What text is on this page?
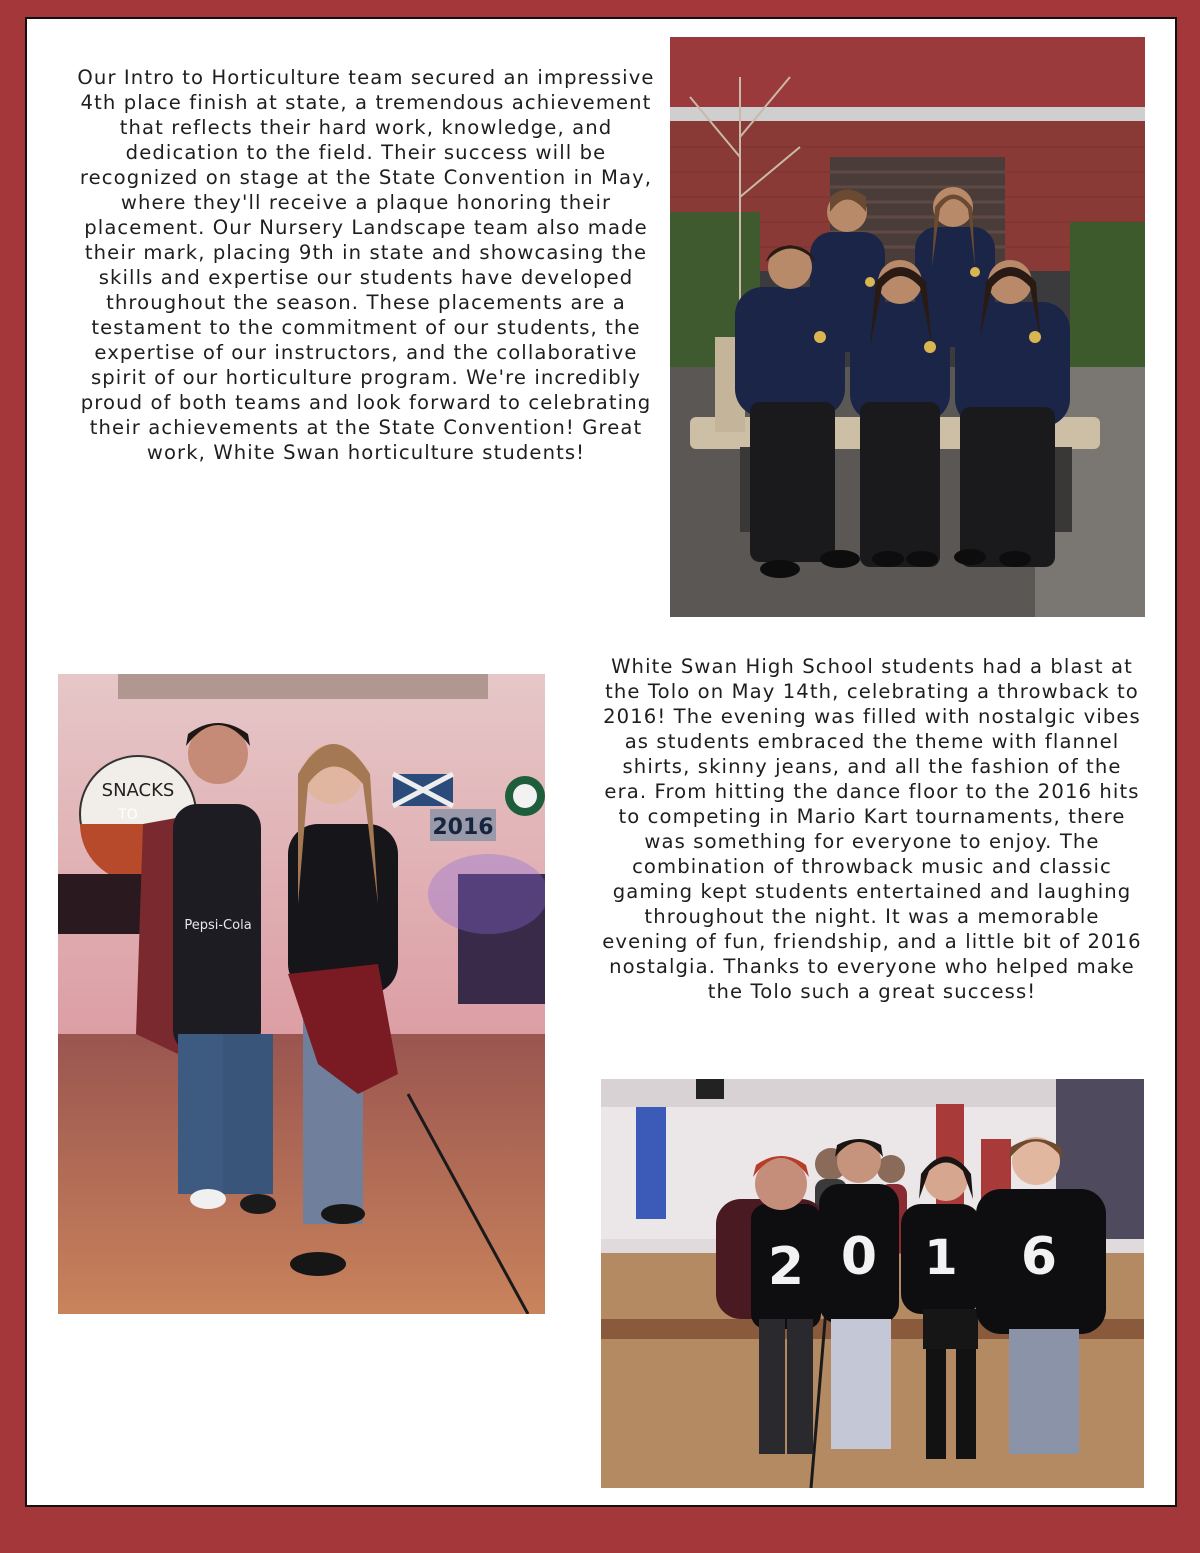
Our Intro to Horticulture team secured an impressive 4th place finish at state, a tremendous achievement that reflects their hard work, knowledge, and dedication to the field. Their success will be recognized on stage at the State Convention in May, where they'll receive a plaque honoring their placement. Our Nursery Landscape team also made their mark, placing 9th in state and showcasing the skills and expertise our students have developed throughout the season. These placements are a testament to the commitment of our students, the expertise of our instructors, and the collaborative spirit of our horticulture program. We're incredibly proud of both teams and look forward to celebrating their achievements at the State Convention! Great work, White Swan horticulture students!

SNACKS
TO	2016
Pepsi-Cola

White Swan High School students had a blast at the Tolo on May 14th, celebrating a throwback to 2016! The evening was filled with nostalgic vibes as students embraced the theme with flannel shirts, skinny jeans, and all the fashion of the era. From hitting the dance floor to the 2016 hits to competing in Mario Kart tournaments, there was something for everyone to enjoy. The combination of throwback music and classic gaming kept students entertained and laughing throughout the night. It was a memorable evening of fun, friendship, and a little bit of 2016 nostalgia. Thanks to everyone who helped make the Tolo such a great success!

2 0 1 6
